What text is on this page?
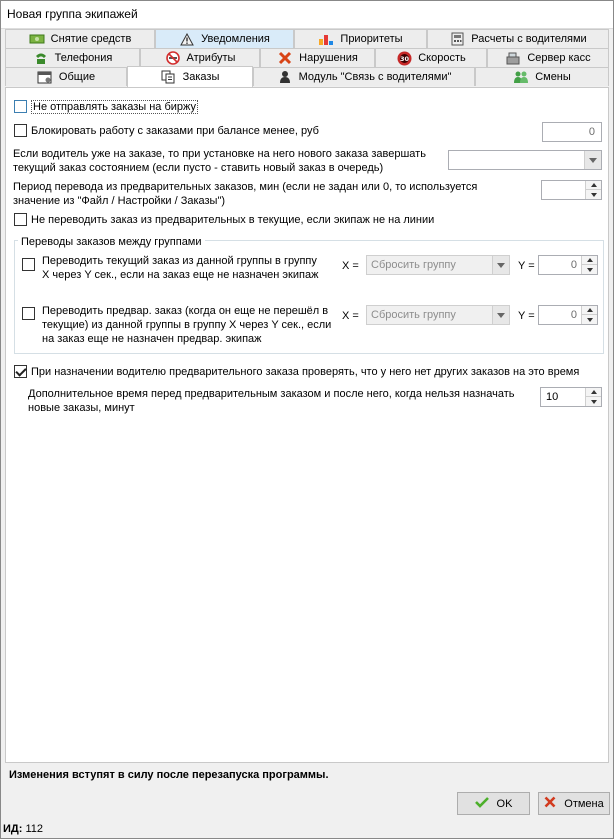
Новая группа экипажей
Снятие средств	Уведомления	Приоритеты	Расчеты с водителями
Телефония	Атрибуты	Нарушения	30 Скорость	Сервер касс
Общие	Заказы	Модуль "Связь с водителями"	Смены
Не отправлять заказы на биржу
Блокировать работу с заказами при балансе менее, руб	0
Если водитель уже на заказе, то при установке на него нового заказа завершать текущий заказ состоянием (если пусто - ставить новый заказ в очередь)
Период перевода из предварительных заказов, мин (если не задан или 0, то используется значение из "Файл / Настройки / Заказы")
Не переводить заказ из предварительных в текущие, если экипаж не на линии
Переводы заказов между группами
Переводить текущий заказ из данной группы в группу X через Y сек., если на заказ еще не назначен экипаж
X = Сбросить группу	Y =	0
Переводить предвар. заказ (когда он еще не перешёл в текущие) из данной группы в группу X через Y сек., если на заказ еще не назначен предвар. экипаж
X = Сбросить группу	Y =	0
При назначении водителю предварительного заказа проверять, что у него нет других заказов на это время
Дополнительное время перед предварительным заказом и после него, когда нельзя назначать новые заказы, минут
10
Изменения вступят в силу после перезапуска программы.
OK	Отмена
ИД: 112
